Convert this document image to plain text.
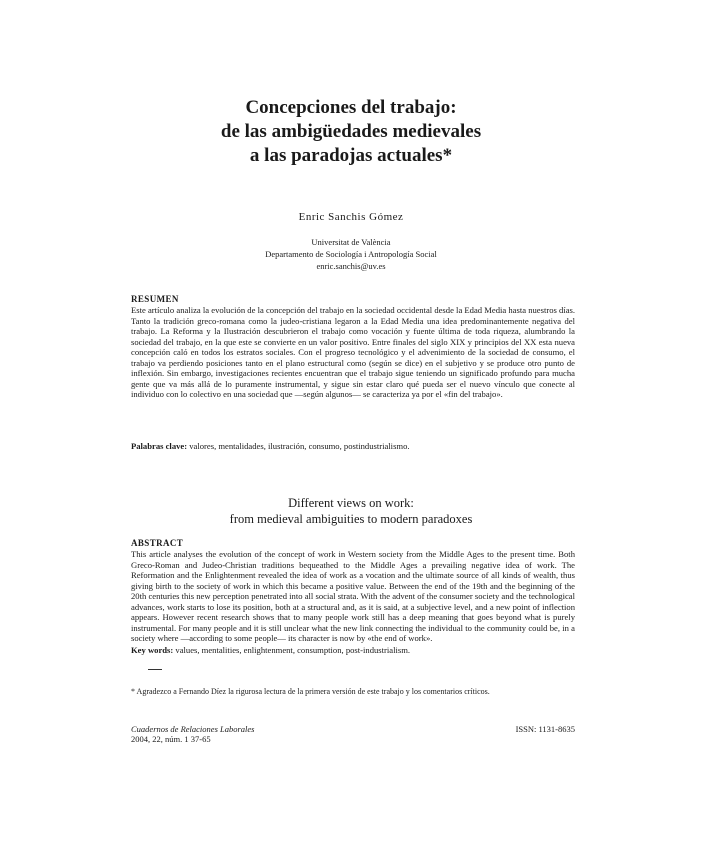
Concepciones del trabajo:
de las ambigüedades medievales
a las paradojas actuales*
Enric Sanchis Gómez
Universitat de València
Departamento de Sociología i Antropología Social
enric.sanchis@uv.es
RESUMEN
Este artículo analiza la evolución de la concepción del trabajo en la sociedad occidental desde la Edad Media hasta nuestros días. Tanto la tradición greco-romana como la judeo-cristiana legaron a la Edad Media una idea predominantemente negativa del trabajo. La Reforma y la Ilustración descubrieron el trabajo como vocación y fuente última de toda riqueza, alumbrando la sociedad del trabajo, en la que este se convierte en un valor positivo. Entre finales del siglo XIX y principios del XX esta nueva concepción caló en todos los estratos sociales. Con el progreso tecnológico y el advenimiento de la sociedad de consumo, el trabajo va perdiendo posiciones tanto en el plano estructural como (según se dice) en el subjetivo y se produce otro punto de inflexión. Sin embargo, investigaciones recientes encuentran que el trabajo sigue teniendo un significado profundo para mucha gente que va más allá de lo puramente instrumental, y sigue sin estar claro qué pueda ser el nuevo vínculo que conecte al individuo con lo colectivo en una sociedad que —según algunos— se caracteriza ya por el «fin del trabajo».
Palabras clave: valores, mentalidades, ilustración, consumo, postindustrialismo.
Different views on work:
from medieval ambiguities to modern paradoxes
ABSTRACT
This article analyses the evolution of the concept of work in Western society from the Middle Ages to the present time. Both Greco-Roman and Judeo-Christian traditions bequeathed to the Middle Ages a prevailing negative idea of work. The Reformation and the Enlightenment revealed the idea of work as a vocation and the ultimate source of all kinds of wealth, thus giving birth to the society of work in which this became a positive value. Between the end of the 19th and the beginning of the 20th centuries this new perception penetrated into all social strata. With the advent of the consumer society and the technological advances, work starts to lose its position, both at a structural and, as it is said, at a subjective level, and a new point of inflection appears. However recent research shows that to many people work still has a deep meaning that goes beyond what is purely instrumental. For many people and it is still unclear what the new link connecting the individual to the community could be, in a society where —according to some people— its character is now by «the end of work».
Key words: values, mentalities, enlightenment, consumption, post-industrialism.
* Agradezco a Fernando Díez la rigurosa lectura de la primera versión de este trabajo y los comentarios críticos.
Cuadernos de Relaciones Laborales
2004, 22, núm. 1 37-65
ISSN: 1131-8635
